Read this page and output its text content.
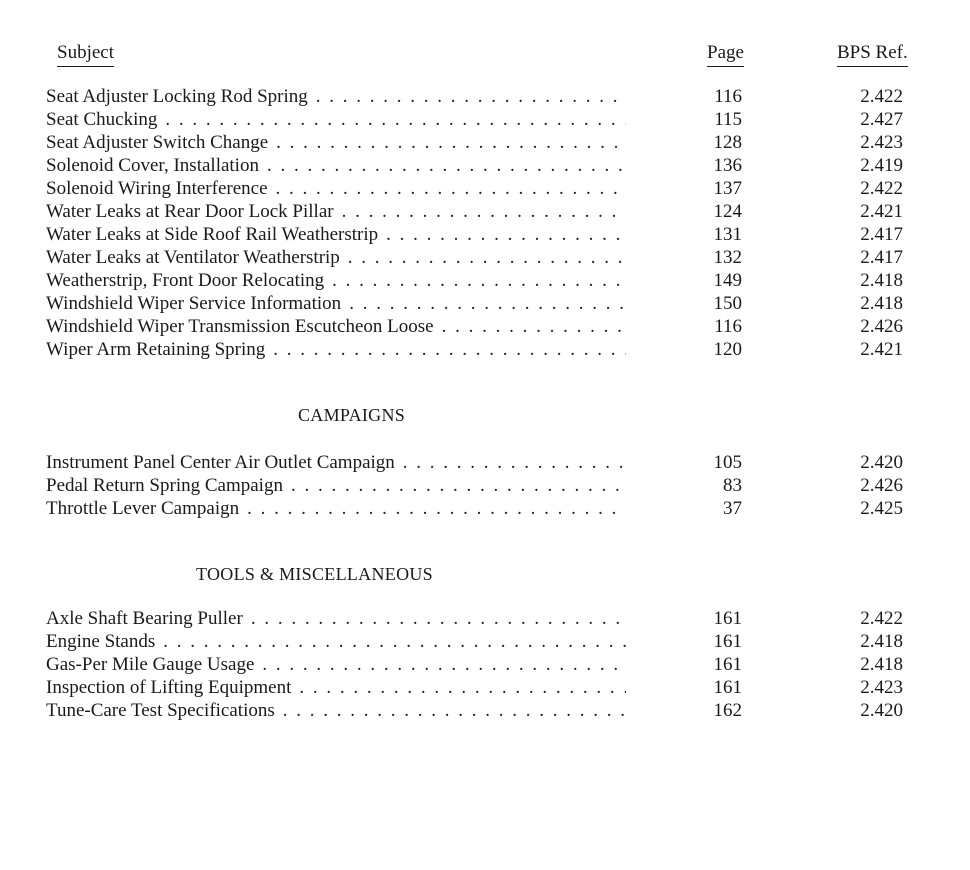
Subject	Page	BPS Ref.
Seat Adjuster Locking Rod Spring . . .	116	2.422
Seat Chucking . . .	115	2.427
Seat Adjuster Switch Change . . .	128	2.423
Solenoid Cover, Installation . . .	136	2.419
Solenoid Wiring Interference . . .	137	2.422
Water Leaks at Rear Door Lock Pillar . . .	124	2.421
Water Leaks at Side Roof Rail Weatherstrip . . .	131	2.417
Water Leaks at Ventilator Weatherstrip . . .	132	2.417
Weatherstrip, Front Door Relocating . . .	149	2.418
Windshield Wiper Service Information . . .	150	2.418
Windshield Wiper Transmission Escutcheon Loose . . .	116	2.426
Wiper Arm Retaining Spring . . .	120	2.421
CAMPAIGNS
Instrument Panel Center Air Outlet Campaign . . .	105	2.420
Pedal Return Spring Campaign . . .	83	2.426
Throttle Lever Campaign . . .	37	2.425
TOOLS & MISCELLANEOUS
Axle Shaft Bearing Puller . . .	161	2.422
Engine Stands . . .	161	2.418
Gas-Per Mile Gauge Usage . . .	161	2.418
Inspection of Lifting Equipment . . .	161	2.423
Tune-Care Test Specifications . . .	162	2.420
